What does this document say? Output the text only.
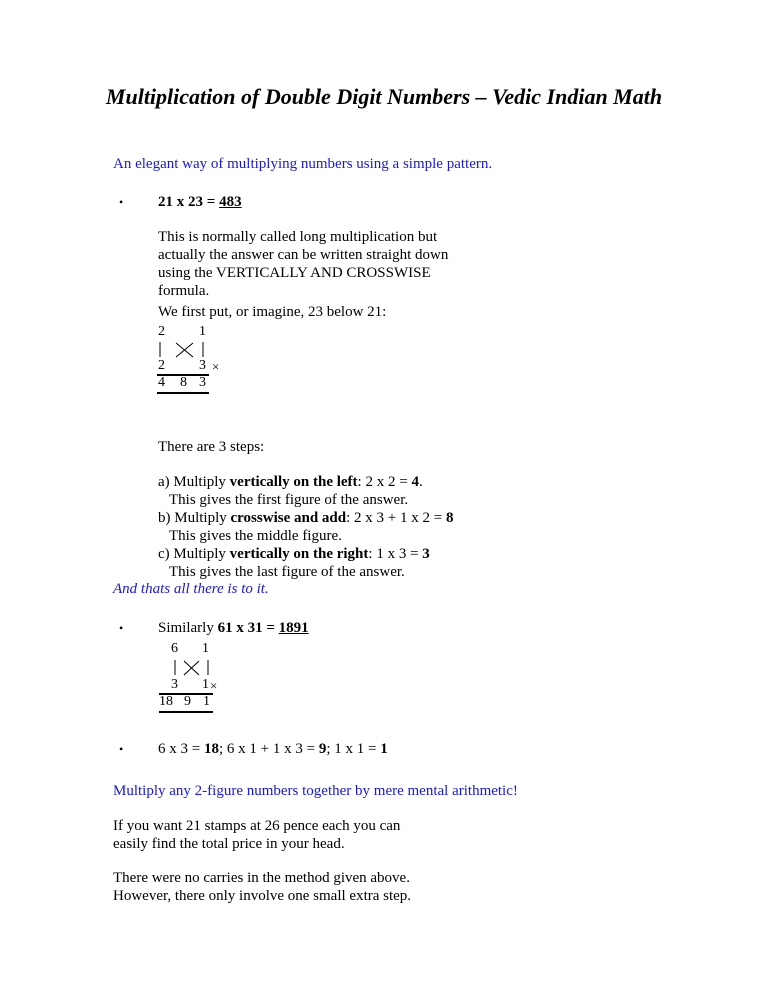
Multiplication of Double Digit Numbers – Vedic Indian Math
An elegant way of multiplying numbers using a simple pattern.
• 21 x 23 = 483
This is normally called long multiplication but
actually the answer can be written straight down
using the VERTICALLY AND CROSSWISE
formula.
We first put, or imagine, 23 below 21:
2 1
2 3 ×
4 8 3
There are 3 steps:
a) Multiply vertically on the left: 2 x 2 = 4.
This gives the first figure of the answer.
b) Multiply crosswise and add: 2 x 3 + 1 x 2 = 8
This gives the middle figure.
c) Multiply vertically on the right: 1 x 3 = 3
This gives the last figure of the answer.
And thats all there is to it.
• Similarly 61 x 31 = 1891
6 1
3 1 ×
18 9 1
• 6 x 3 = 18; 6 x 1 + 1 x 3 = 9; 1 x 1 = 1
Multiply any 2-figure numbers together by mere mental arithmetic!
If you want 21 stamps at 26 pence each you can
easily find the total price in your head.
There were no carries in the method given above.
However, there only involve one small extra step.
